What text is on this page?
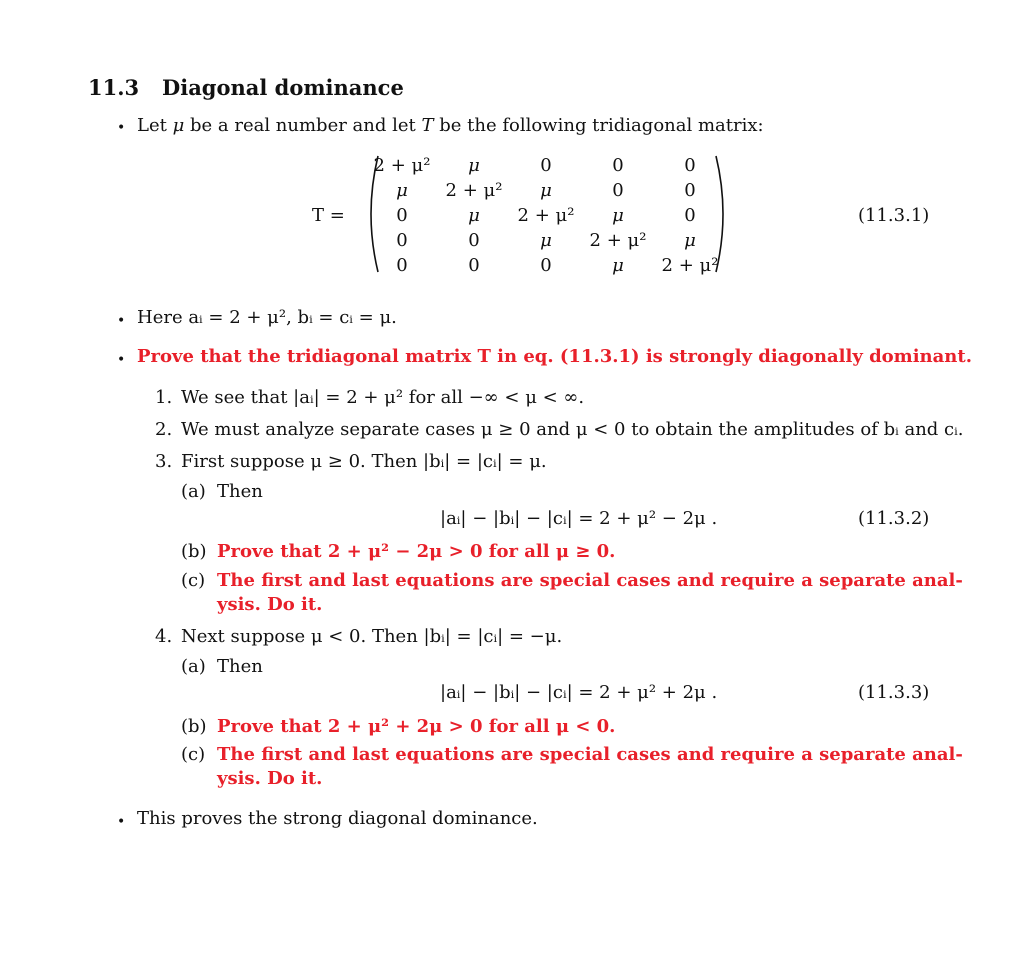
11.3 Diagonal dominance
• Let μ be a real number and let T be the following tridiagonal matrix:
T =
2 + μ²	μ	0	0	0
μ	2 + μ²	μ	0	0
0	μ	2 + μ²	μ	0
0	0	μ	2 + μ²	μ
0	0	0	μ	2 + μ²
(11.3.1)
• Here aᵢ = 2 + μ², bᵢ = cᵢ = μ.
• Prove that the tridiagonal matrix T in eq. (11.3.1) is strongly diagonally dominant.
1. We see that |aᵢ| = 2 + μ² for all −∞ < μ < ∞.
2. We must analyze separate cases μ ≥ 0 and μ < 0 to obtain the amplitudes of bᵢ and cᵢ.
3. First suppose μ ≥ 0. Then |bᵢ| = |cᵢ| = μ.
(a) Then
|aᵢ| − |bᵢ| − |cᵢ| = 2 + μ² − 2μ .	(11.3.2)
(b) Prove that 2 + μ² − 2μ > 0 for all μ ≥ 0.
(c) The first and last equations are special cases and require a separate anal-
ysis. Do it.
4. Next suppose μ < 0. Then |bᵢ| = |cᵢ| = −μ.
(a) Then
|aᵢ| − |bᵢ| − |cᵢ| = 2 + μ² + 2μ .	(11.3.3)
(b) Prove that 2 + μ² + 2μ > 0 for all μ < 0.
(c) The first and last equations are special cases and require a separate anal-
ysis. Do it.
• This proves the strong diagonal dominance.
